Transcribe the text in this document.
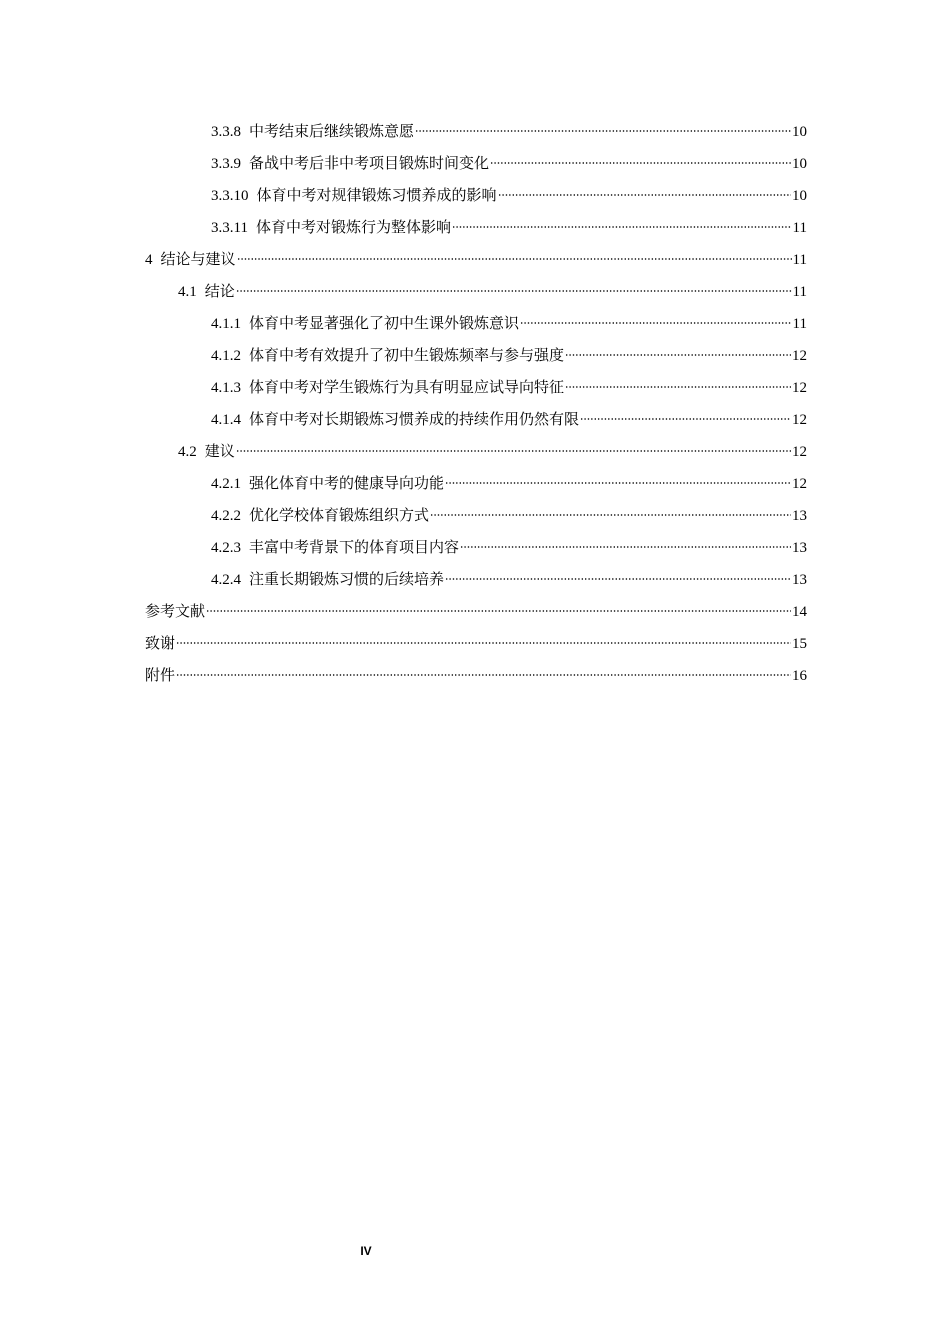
3.3.8 中考结束后继续锻炼意愿	10
3.3.9 备战中考后非中考项目锻炼时间变化	10
3.3.10 体育中考对规律锻炼习惯养成的影响	10
3.3.11 体育中考对锻炼行为整体影响	11
4 结论与建议	11
4.1 结论	11
4.1.1 体育中考显著强化了初中生课外锻炼意识	11
4.1.2 体育中考有效提升了初中生锻炼频率与参与强度	12
4.1.3 体育中考对学生锻炼行为具有明显应试导向特征	12
4.1.4 体育中考对长期锻炼习惯养成的持续作用仍然有限	12
4.2 建议	12
4.2.1 强化体育中考的健康导向功能	12
4.2.2 优化学校体育锻炼组织方式	13
4.2.3 丰富中考背景下的体育项目内容	13
4.2.4 注重长期锻炼习惯的后续培养	13
参考文献	14
致谢	15
附件	16
IV
